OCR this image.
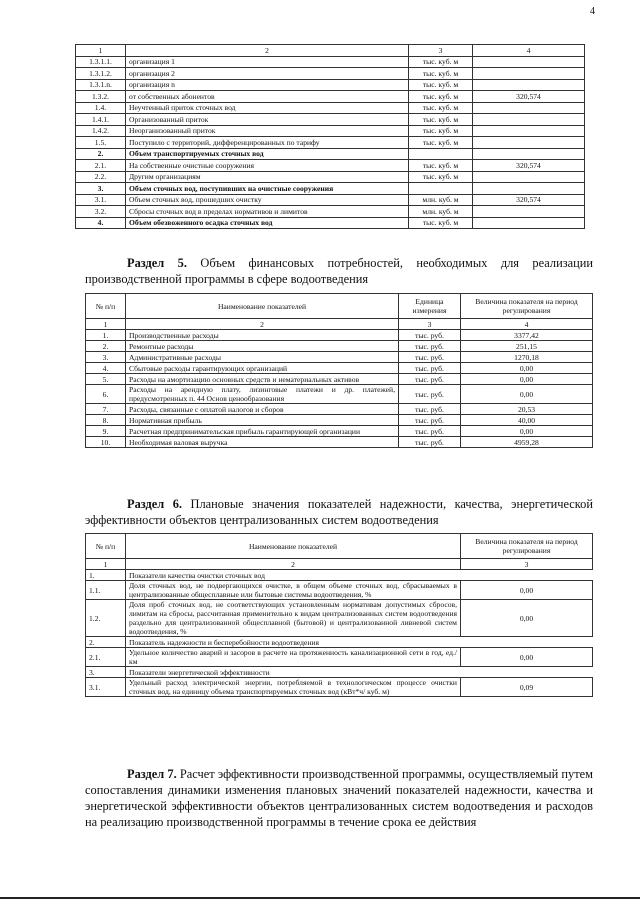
4
1	2	3	4
1.3.1.1.	организация 1	тыс. куб. м	
1.3.1.2.	организация 2	тыс. куб. м	
1.3.1.n.	организация n	тыс. куб. м	
1.3.2.	от собственных абонентов	тыс. куб. м	320,574
1.4.	Неучтенный приток сточных вод	тыс. куб. м	
1.4.1.	Организованный приток	тыс. куб. м	
1.4.2.	Неорганизованный приток	тыс. куб. м	
1.5.	Поступило с территорий, дифференцированных по тарифу	тыс. куб. м	
2.	Объем транспортируемых сточных вод		
2.1.	На собственные очистные сооружения	тыс. куб. м	320,574
2.2.	Другим организациям	тыс. куб. м	
3.	Объем сточных вод, поступивших на очистные сооружения		
3.1.	Объем сточных вод, прошедших очистку	млн. куб. м	320,574
3.2.	Сбросы сточных вод в пределах нормативов и лимитов	млн. куб. м	
4.	Объем обезвоженного осадка сточных вод	тыс. куб. м	
Раздел 5. Объем финансовых потребностей, необходимых для реализации производственной программы в сфере водоотведения
№ п/п	Наименование показателей	Единица измерения	Величина показателя на период регулирования
1	2	3	4
1.	Производственные расходы	тыс. руб.	3377,42
2.	Ремонтные расходы	тыс. руб.	251,15
3.	Административные расходы	тыс. руб.	1270,18
4.	Сбытовые расходы гарантирующих организаций	тыс. руб.	0,00
5.	Расходы на амортизацию основных средств и нематериальных активов	тыс. руб.	0,00
6.	Расходы на арендную плату, лизинговые платежи и др. платежей, предусмотренных п. 44 Основ ценообразования	тыс. руб.	0,00
7.	Расходы, связанные с оплатой налогов и сборов	тыс. руб.	20,53
8.	Нормативная прибыль	тыс. руб.	40,00
9.	Расчетная предпринимательская прибыль гарантирующей организации	тыс. руб.	0,00
10.	Необходимая валовая выручка	тыс. руб.	4959,28
Раздел 6. Плановые значения показателей надежности, качества, энергетической эффективности объектов централизованных систем водоотведения
№ п/п	Наименование показателей	Величина показателя на период регулирования
1	2	3
1.	Показатели качества очистки сточных вод	
1.1.	Доля сточных вод, не подвергающихся очистке, в общем объеме сточных вод, сбрасываемых в централизованные общесплавные или бытовые системы водоотведения, %	0,00
1.2.	Доля проб сточных вод, не соответствующих установленным нормативам допустимых сбросов, лимитам на сбросы, рассчитанная применительно к видам централизованных систем водоотведения раздельно для централизованной общесплавной (бытовой) и централизованной ливневой систем водоотведения, %	0,00
2.	Показатель надежности и бесперебойности водоотведения	
2.1.	Удельное количество аварий и засоров в расчете на протяженность канализационной сети в год, ед./км	0,00
3.	Показатели энергетической эффективности	
3.1.	Удельный расход электрической энергии, потребляемой в технологическом процессе очистки сточных вод, на единицу объема транспортируемых сточных вод (кВт*ч/ куб. м)	0,09
Раздел 7. Расчет эффективности производственной программы, осуществляемый путем сопоставления динамики изменения плановых значений показателей надежности, качества и энергетической эффективности объектов централизованных систем водоотведения и расходов на реализацию производственной программы в течение срока ее действия
